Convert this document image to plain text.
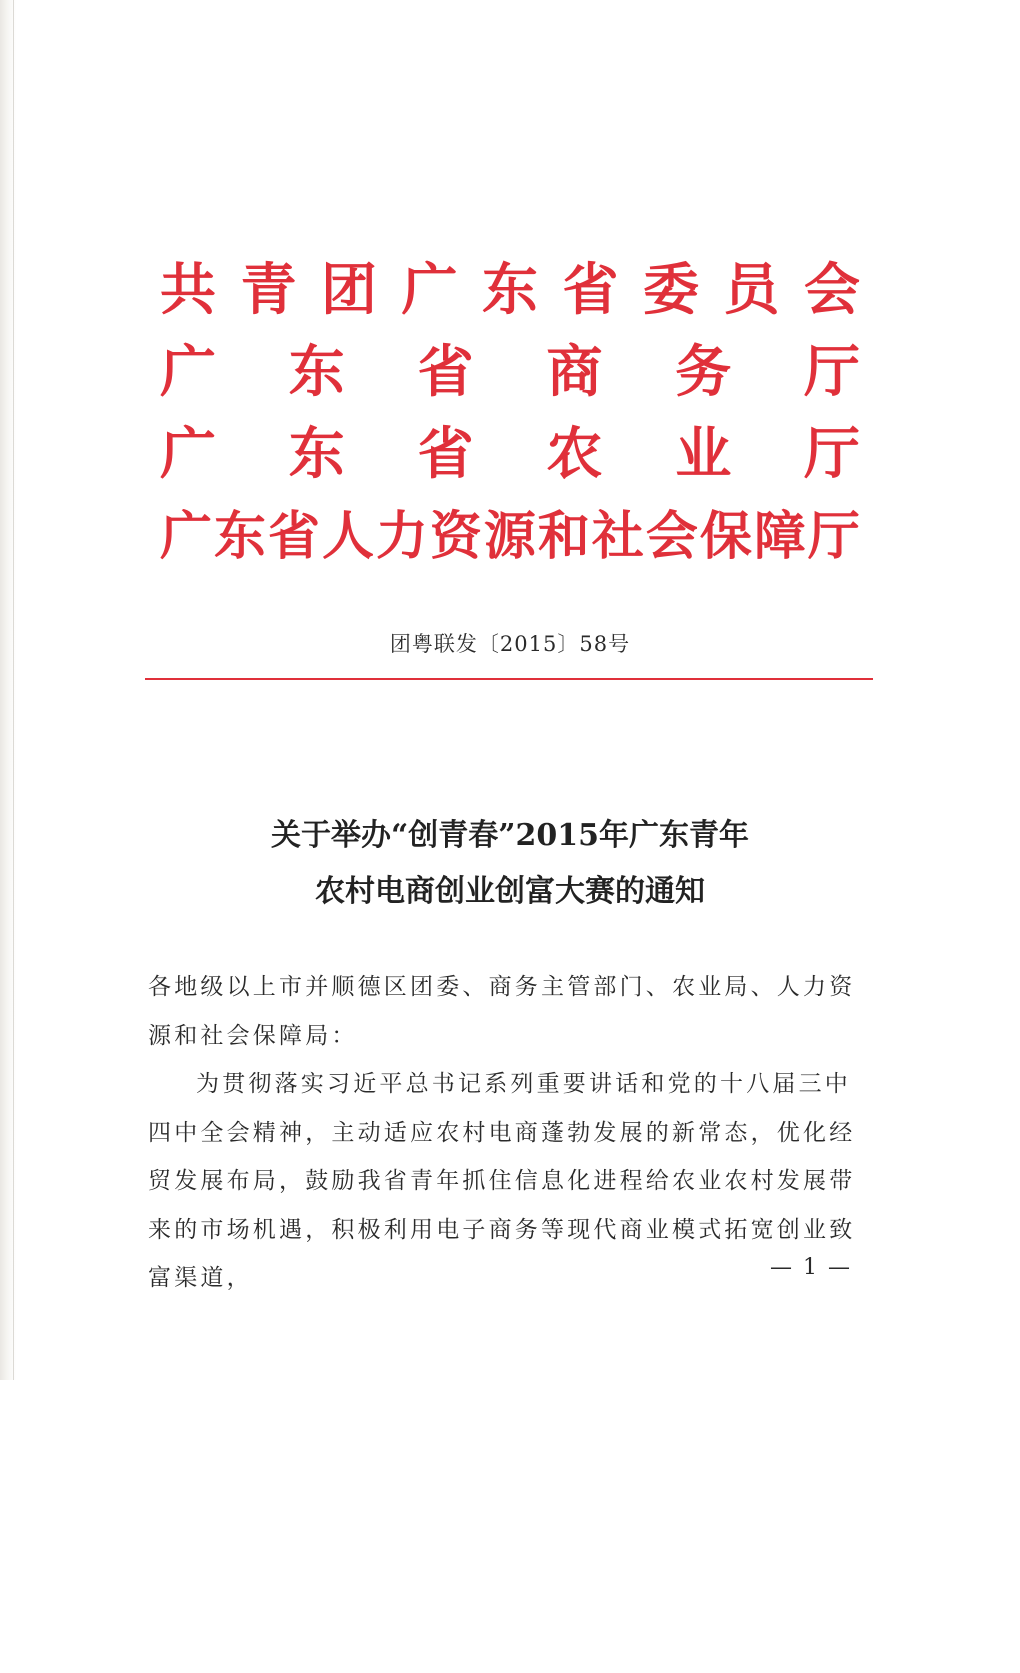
共 青 团 广 东 省 委 员 会
广 东 省 商 务 厅
广 东 省 农 业 厅
广 东 省 人 力 资 源 和 社 会 保 障 厅
团粤联发〔2015〕58号
关于举办“创青春”2015年广东青年
农村电商创业创富大赛的通知

各地级以上市并顺德区团委、商务主管部门、农业局、人力资源和社会保障局：

为贯彻落实习近平总书记系列重要讲话和党的十八届三中四中全会精神，主动适应农村电商蓬勃发展的新常态，优化经贸发展布局，鼓励我省青年抓住信息化进程给农业农村发展带来的市场机遇，积极利用电子商务等现代商业模式拓宽创业致富渠道，	— 1 —
